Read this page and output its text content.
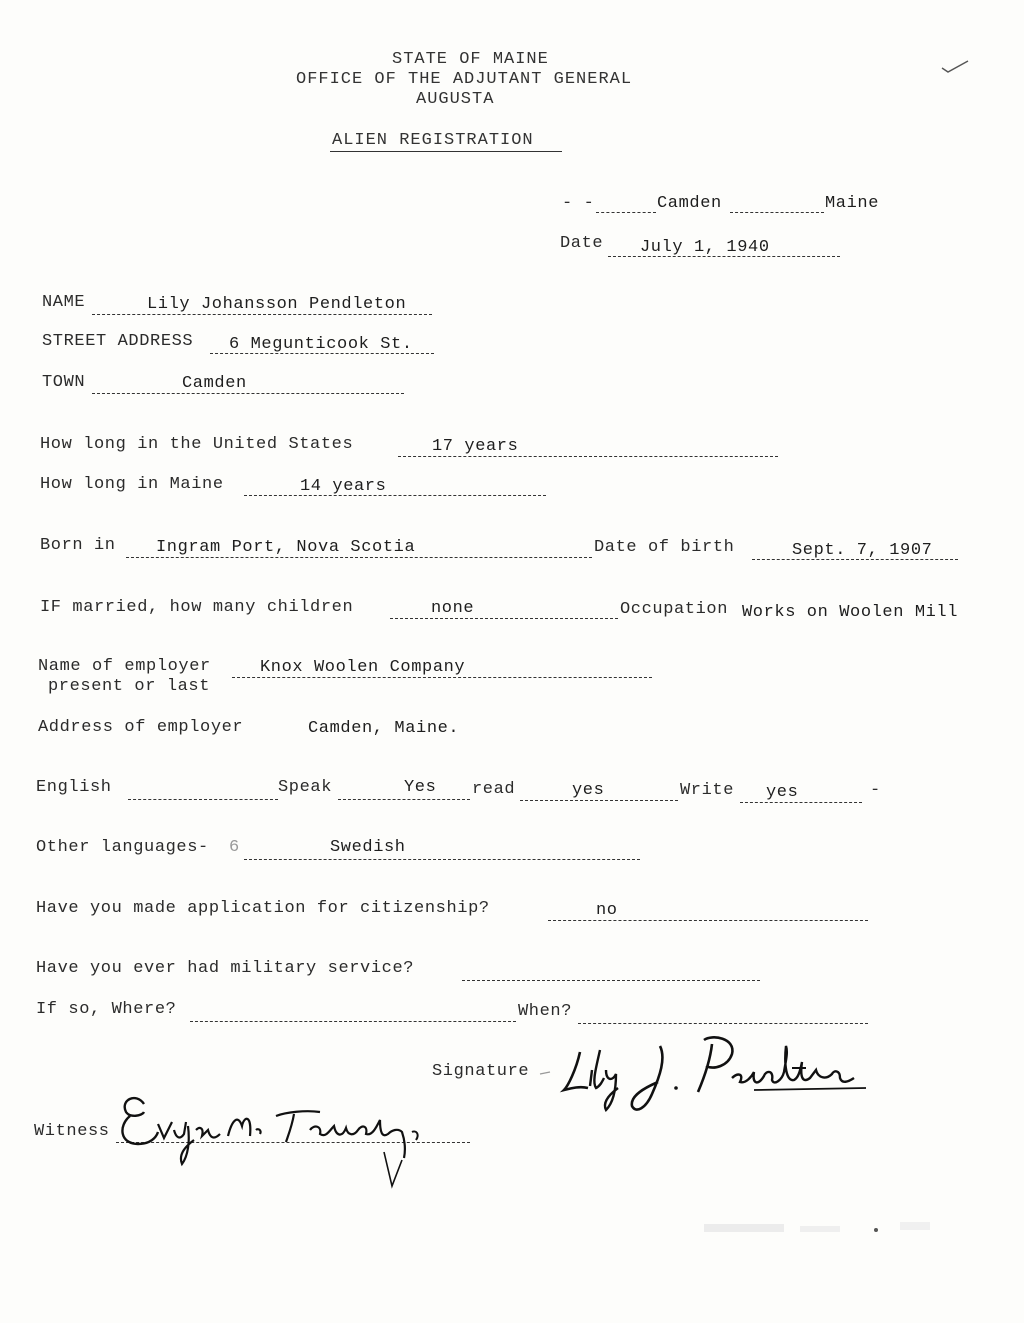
STATE OF MAINE
OFFICE OF THE ADJUTANT GENERAL
AUGUSTA
ALIEN REGISTRATION
- -	Camden	Maine
Date July 1, 1940
NAME	Lily Johansson Pendleton
STREET ADDRESS 6 Megunticook St.
TOWN	Camden
How long in the United States	17 years
How long in Maine	14 years
Born in Ingram Port, Nova Scotia	Date of birth	Sept. 7, 1907
IF married, how many children	none	Occupation Works on Woolen Mill
Name of employer
present or last
Knox Woolen Company
Address of employer	Camden, Maine.
English	Speak	Yes read	yes	Write yes	-
Other languages- 6	Swedish
Have you made application for citizenship?	no
Have you ever had military service?
If so, Where?	When?
Signature
Witness
